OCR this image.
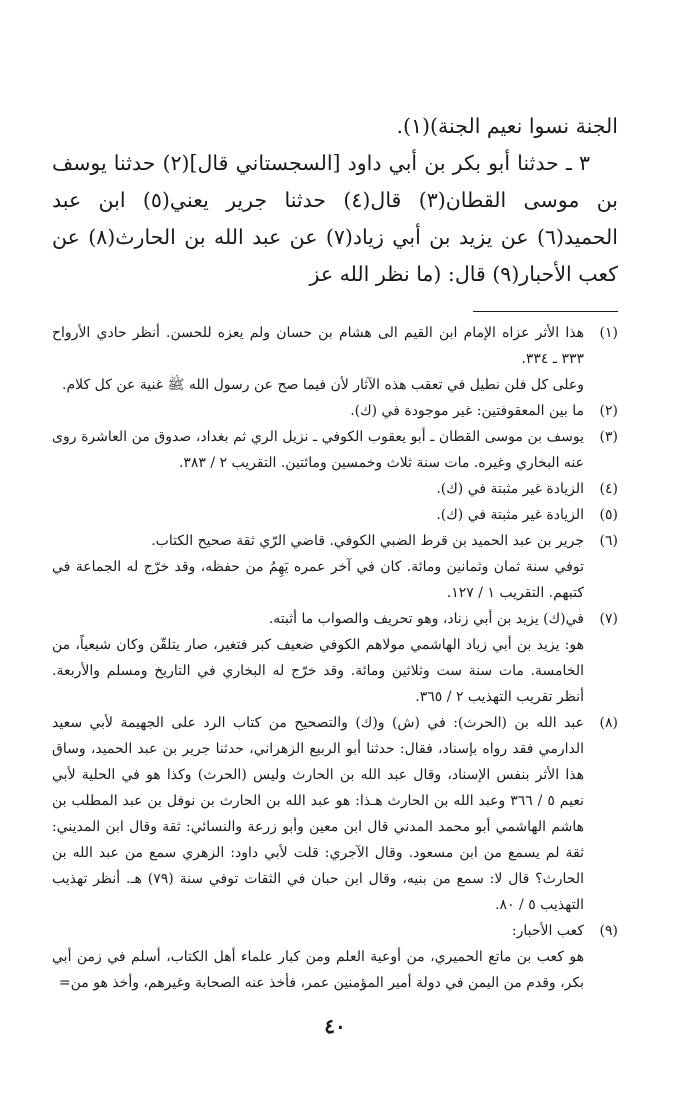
الجنة نسوا نعيم الجنة)(١).

٣ ـ حدثنا أبو بكر بن أبي داود [السجستاني قال](٢) حدثنا يوسف بن موسى القطان(٣) قال(٤) حدثنا جرير يعني(٥) ابن عبد الحميد(٦) عن يزيد بن أبي زياد(٧) عن عبد الله بن الحارث(٨) عن كعب الأحبار(٩) قال: (ما نظر الله عز

(١)
هذا الأثر عزاه الإمام ابن القيم الى هشام بن حسان ولم يعزه للحسن. أنظر حادي الأرواح ٣٣٣ ـ ٣٣٤.
وعلى كل فلن نطيل في تعقب هذه الآثار لأن فيما صح عن رسول الله ﷺ غنية عن كل كلام.
(٢)
ما بين المعقوفتين: غير موجودة في (ك).
(٣)
يوسف بن موسى القطان ـ أبو يعقوب الكوفي ـ نزيل الري ثم بغداد، صدوق من العاشرة روى عنه البخاري وغيره. مات سنة ثلاث وخمسين ومائتين. التقريب ٢ / ٣٨٣.
(٤)
الزيادة غير مثبتة في (ك).
(٥)
الزيادة غير مثبتة في (ك).
(٦)
جرير بن عبد الحميد بن قرط الضبي الكوفي. قاضي الرّي ثقة صحيح الكتاب.
توفي سنة ثمان وثمانين ومائة. كان في آخر عمره يَهِمُ من حفظه، وقد خرّج له الجماعة في كتبهم. التقريب ١ / ١٢٧.
(٧)
في(ك) يزيد بن أبي زناد، وهو تحريف والصواب ما أثبته.
هو: يزيد بن أبي زياد الهاشمي مولاهم الكوفي ضعيف كبر فتغير، صار يتلقّن وكان شيعياً، من الخامسة. مات سنة ست وثلاثين ومائة. وقد خرّج له البخاري في التاريخ ومسلم والأربعة. أنظر تقريب التهذيب ٢ / ٣٦٥.
(٨)
عبد الله بن (الحرث): في (ش) و(ك) والتصحيح من كتاب الرد على الجهيمة لأبي سعيد الدارمي فقد رواه بإسناد، فقال: حدثنا أبو الربيع الزهراني، حدثنا جرير بن عبد الحميد، وساق هذا الأثر بنفس الإسناد، وقال عبد الله بن الحارث وليس (الحرث) وكذا هو في الحلية لأبي نعيم ٥ / ٣٦٦ وعبد الله بن الحارث هـذا: هو عبد الله بن الحارث بن نوفل بن عبد المطلب بن هاشم الهاشمي أبو محمد المدني قال ابن معين وأبو زرعة والنسائي: ثقة وقال ابن المديني: ثقة لم يسمع من ابن مسعود. وقال الآجري: قلت لأبي داود: الزهري سمع من عبد الله بن الحارث؟ قال لا: سمع من بنيه، وقال ابن حبان في الثقات توفي سنة (٧٩) هـ. أنظر تهذيب التهذيب ٥ / ٨٠.
(٩)
كعب الأحبار:
هو كعب بن ماتع الحميري، من أوعية العلم ومن كبار علماء أهل الكتاب، أسلم في زمن أبي بكر، وقدم من اليمن في دولة أمير المؤمنين عمر، فأخذ عنه الصحابة وغيرهم، وأخذ هو من=
٤٠
